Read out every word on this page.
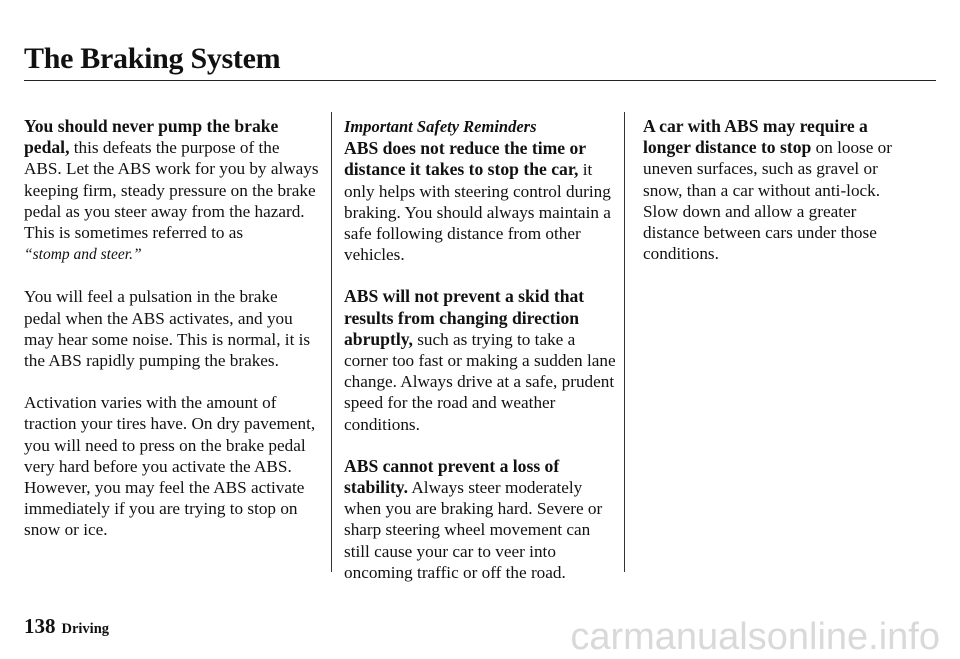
The Braking System

You should never pump the brake pedal, this defeats the purpose of the ABS. Let the ABS work for you by always keeping firm, steady pressure on the brake pedal as you steer away from the hazard. This is sometimes referred to as
“stomp and steer.”

You will feel a pulsation in the brake pedal when the ABS activates, and you may hear some noise. This is normal, it is the ABS rapidly pumping the brakes.

Activation varies with the amount of traction your tires have. On dry pavement, you will need to press on the brake pedal very hard before you activate the ABS. However, you may feel the ABS activate immediately if you are trying to stop on snow or ice.

Important Safety Reminders
ABS does not reduce the time or distance it takes to stop the car, it only helps with steering control during braking. You should always maintain a safe following distance from other vehicles.

ABS will not prevent a skid that results from changing direction abruptly, such as trying to take a corner too fast or making a sudden lane change. Always drive at a safe, prudent speed for the road and weather conditions.

ABS cannot prevent a loss of stability. Always steer moderately when you are braking hard. Severe or sharp steering wheel movement can still cause your car to veer into oncoming traffic or off the road.

A car with ABS may require a longer distance to stop on loose or uneven surfaces, such as gravel or snow, than a car without anti-lock. Slow down and allow a greater distance between cars under those conditions.

138 Driving	carmanualsonline.info
